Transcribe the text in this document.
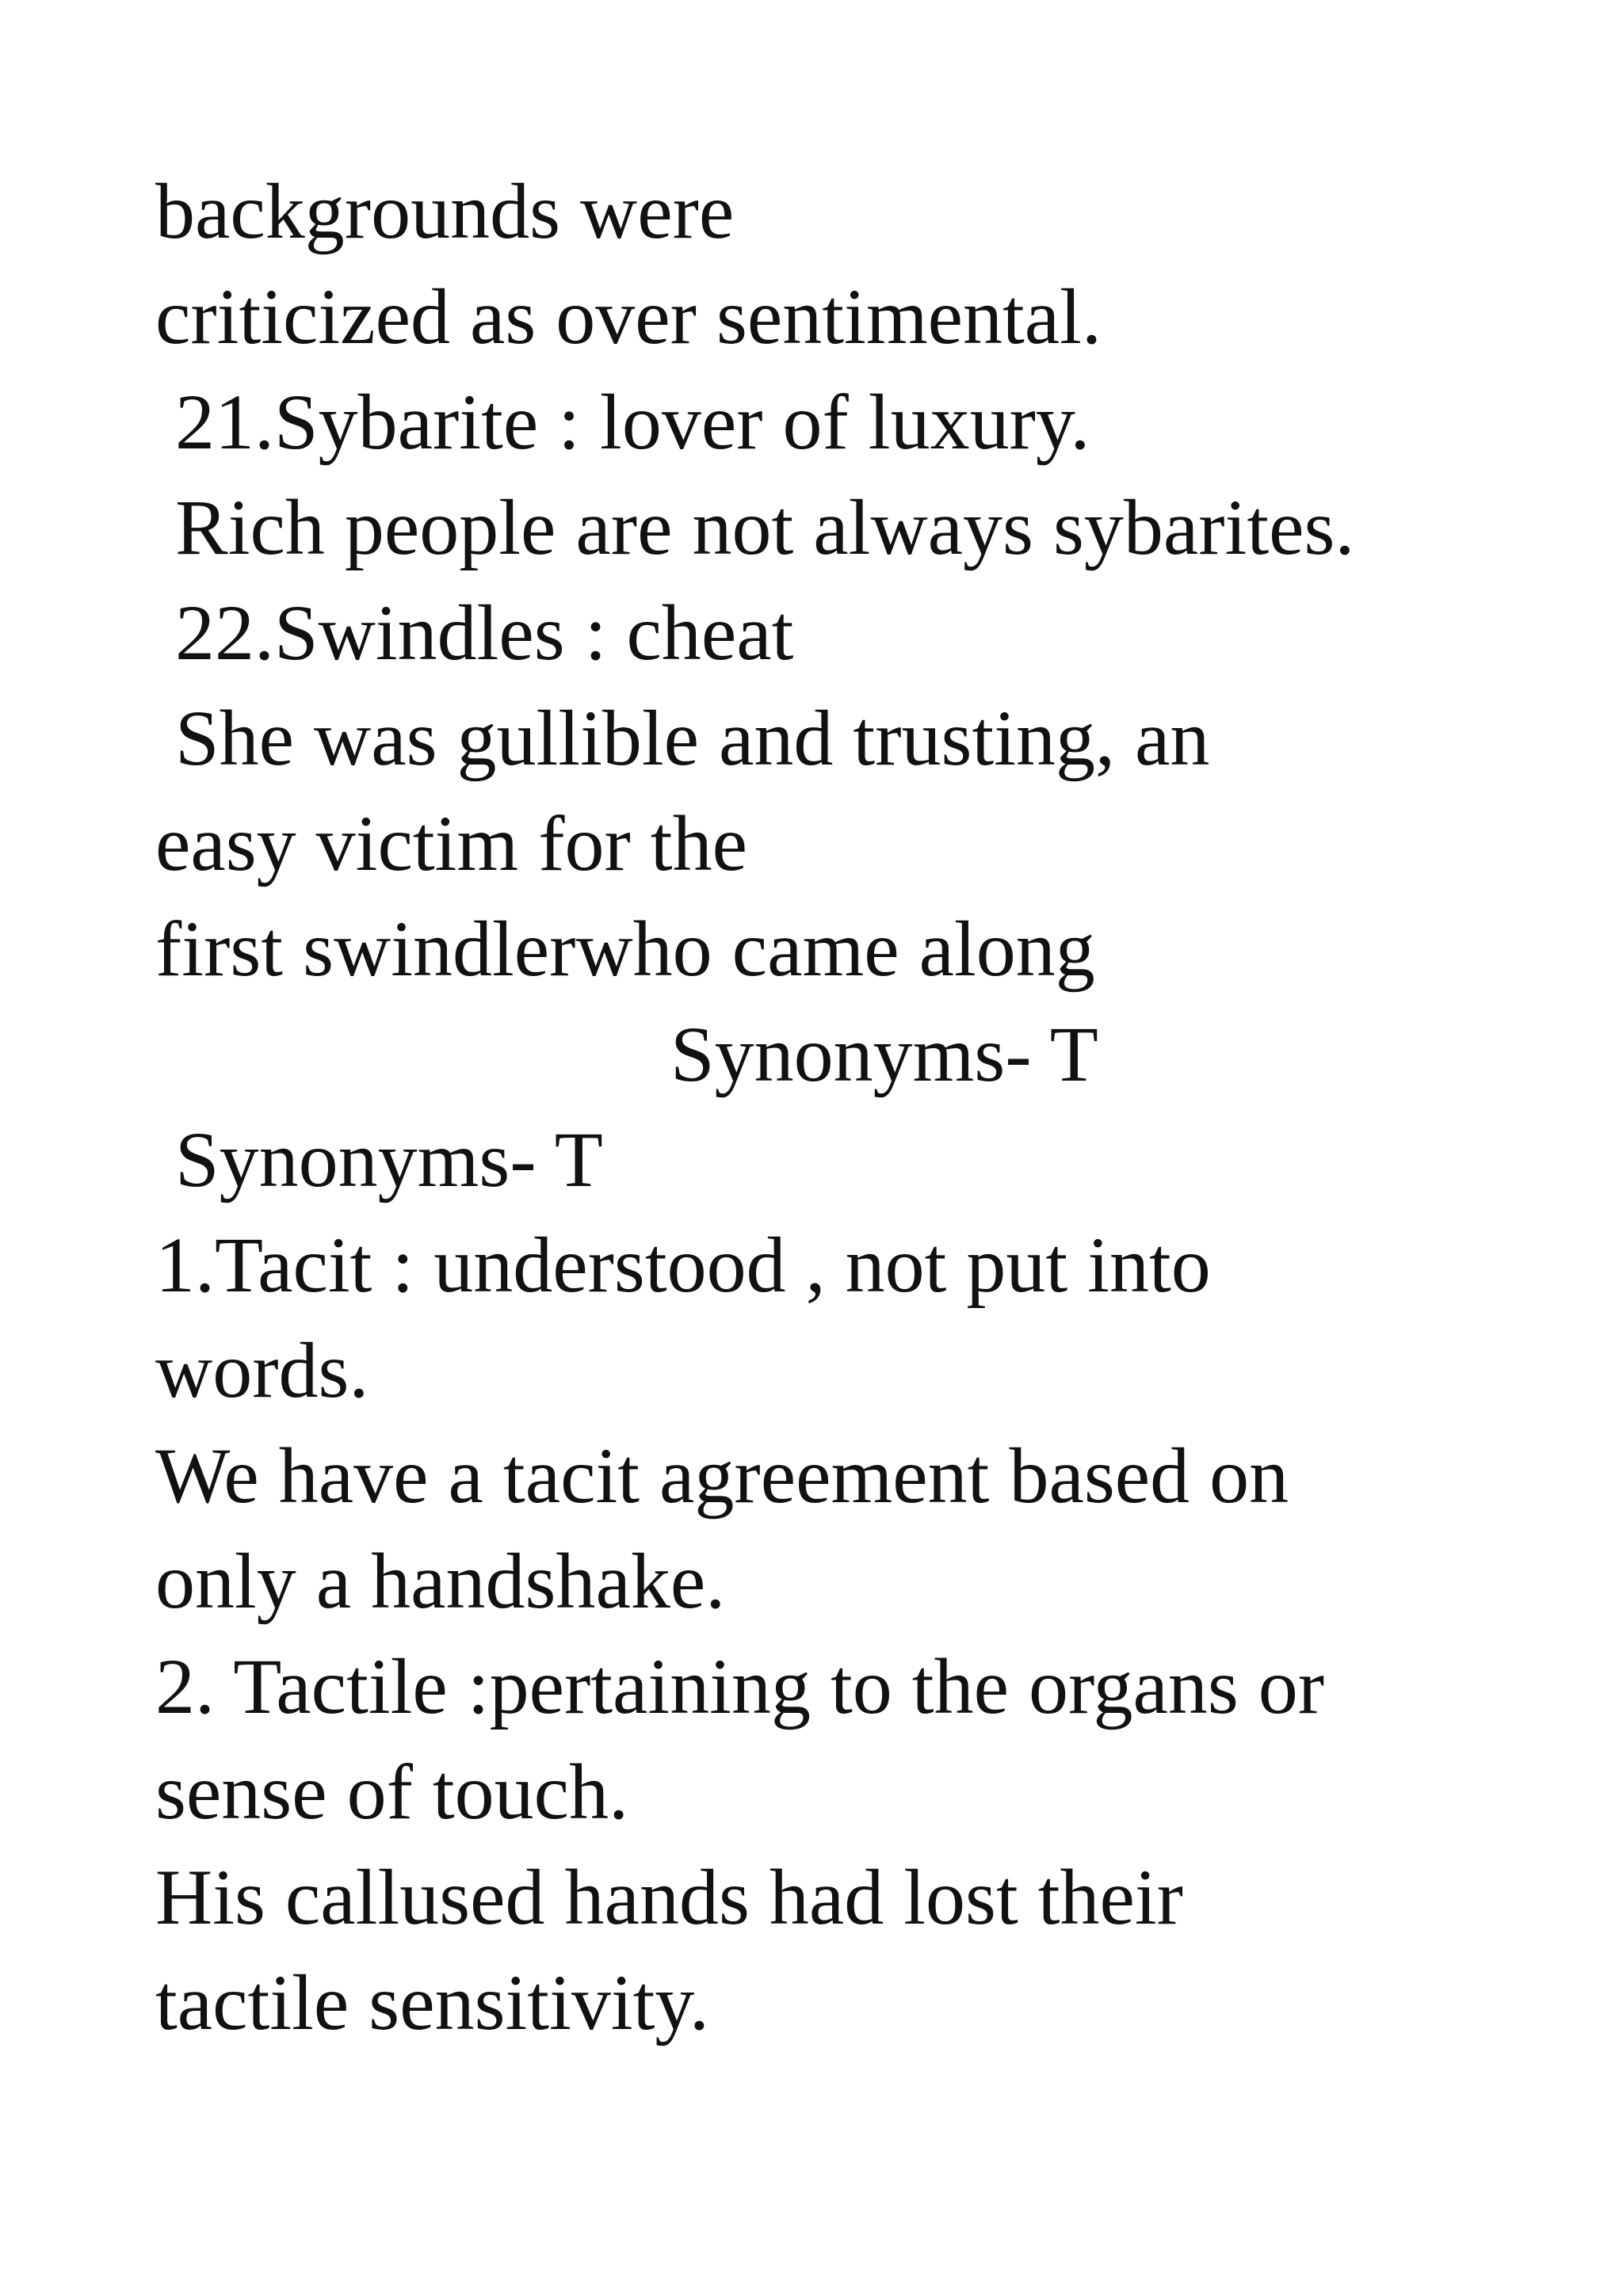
backgrounds were
criticized as over sentimental.
21.Sybarite : lover of luxury.
Rich people are not always sybarites.
22.Swindles : cheat
She was gullible and trusting, an
easy victim for the
first swindlerwho came along
Synonyms- T
Synonyms- T
1.Tacit : understood , not put into
words.
We have a tacit agreement based on
only a handshake.
2. Tactile :pertaining to the organs or
sense of touch.
His callused hands had lost their
tactile sensitivity.
